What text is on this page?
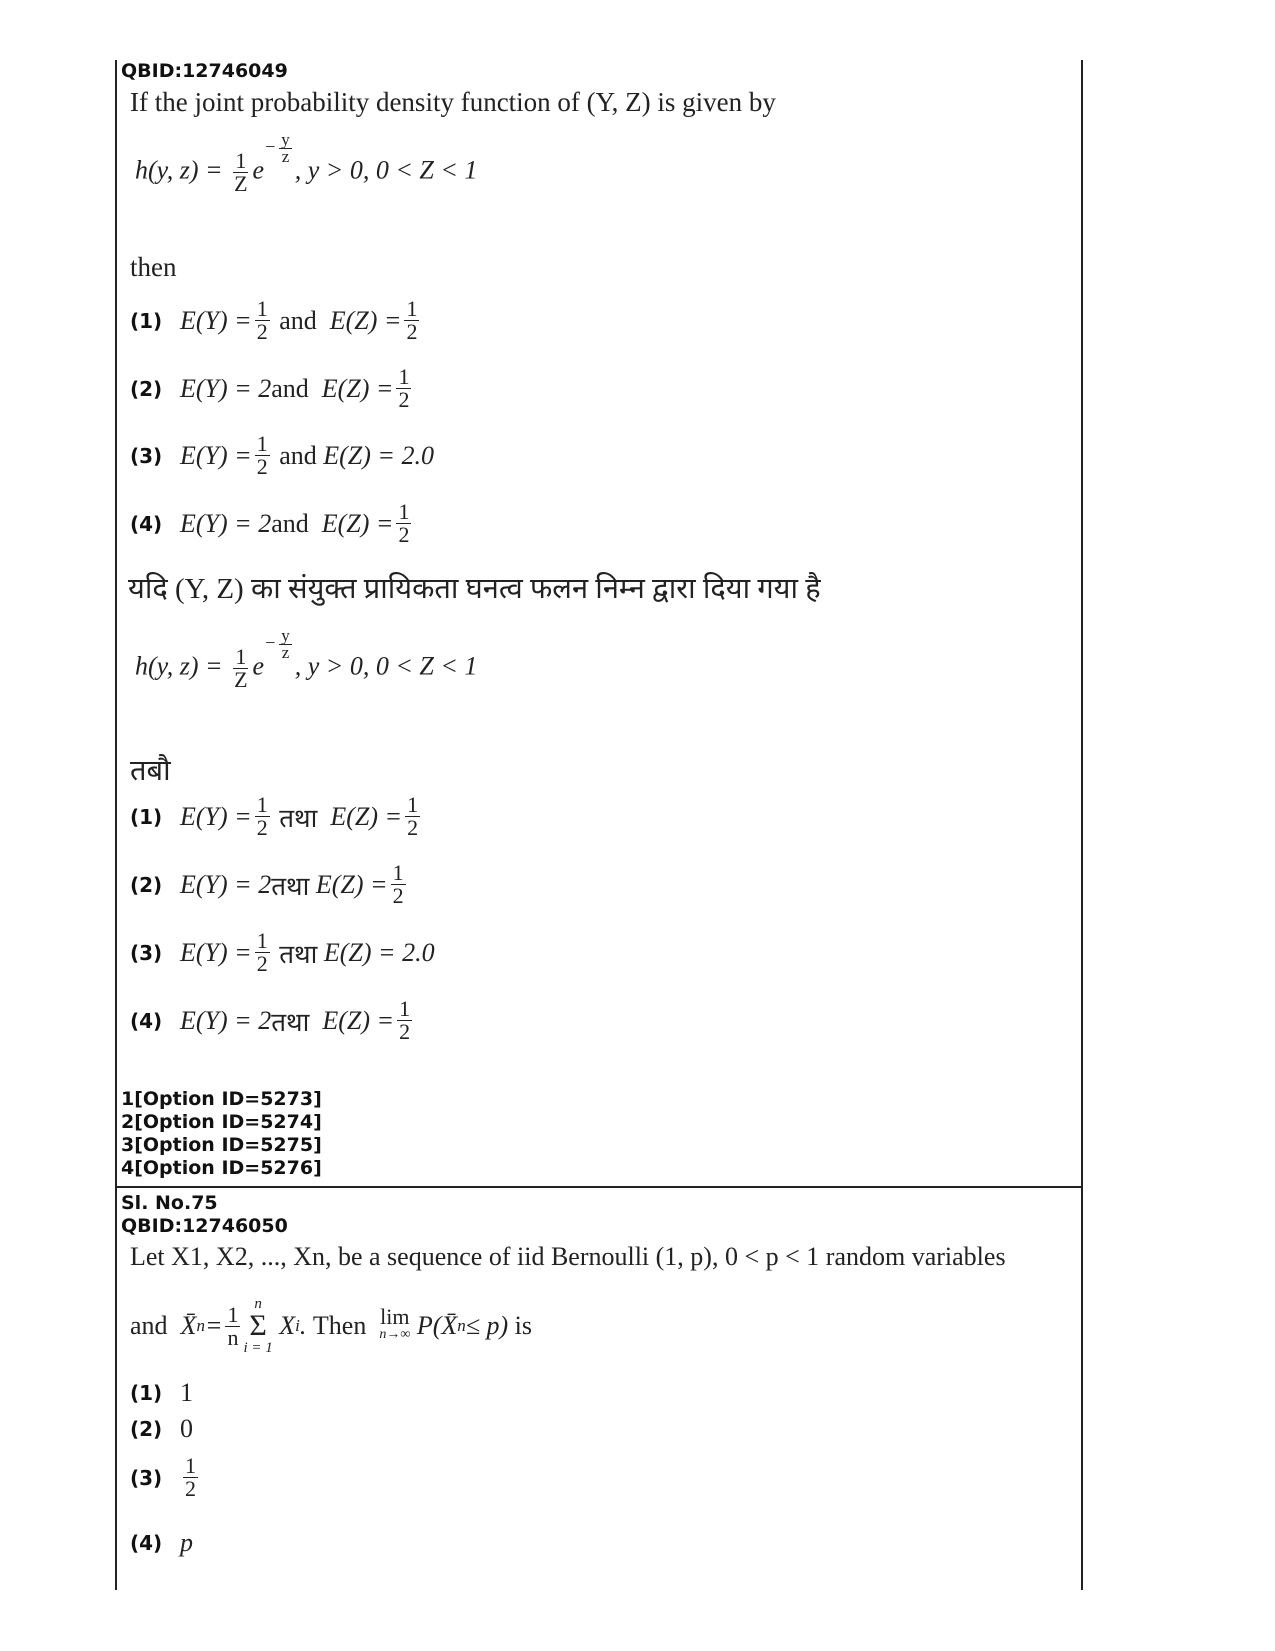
QBID:12746049
If the joint probability density function of (Y, Z) is given by
h(y, $z) = \frac{1}{Z} e- \frac{y}{z}$
, y > 0, 0 < Z < 1
then
(1) $E(Y) = \frac{1}{2}$
and $E(Z) = \frac{1}{2}$
(2) E(Y) = 2 and $E(Z) = \frac{1}{2}$
(3) $E(Y) = \frac{1}{2}$
and E(Z) = 2.0
(4) E(Y) = 2 and $E(Z) = \frac{1}{2}$
यदि (Y, Z) का संयुक्त प्रायिकता घनत्व फलन निम्न द्वारा दिया गया है
h(y, $z) = \frac{1}{Z} e- \frac{y}{z}$
, y > 0, 0 < Z < 1
तबौ
(1) $E(Y) = \frac{1}{2}$
तथा $E(Z) = \frac{1}{2}$
(2) E(Y) = 2 तथा $E(Z) = \frac{1}{2}$
(3) $E(Y) = \frac{1}{2}$
तथा E(Z) = 2.0
(4) E(Y) = 2 तथा $E(Z) = \frac{1}{2}$
1[Option ID=5273]
2[Option ID=5274]
3[Option ID=5275]
4[Option ID=5276]
Sl. No.75
QBID:12746050
Let X1, X2, ..., Xn, be a sequence of iid Bernoulli (1, p), 0 < p < 1 random variables
and X̄ $n = \frac{1}{n}$ n
Σ
i = 1
X i . Then
lim
n→∞ P(X̄ n ≤ p) is
(1) 1
(2) 0
$(3) \frac{1}{2}$
(4) p
